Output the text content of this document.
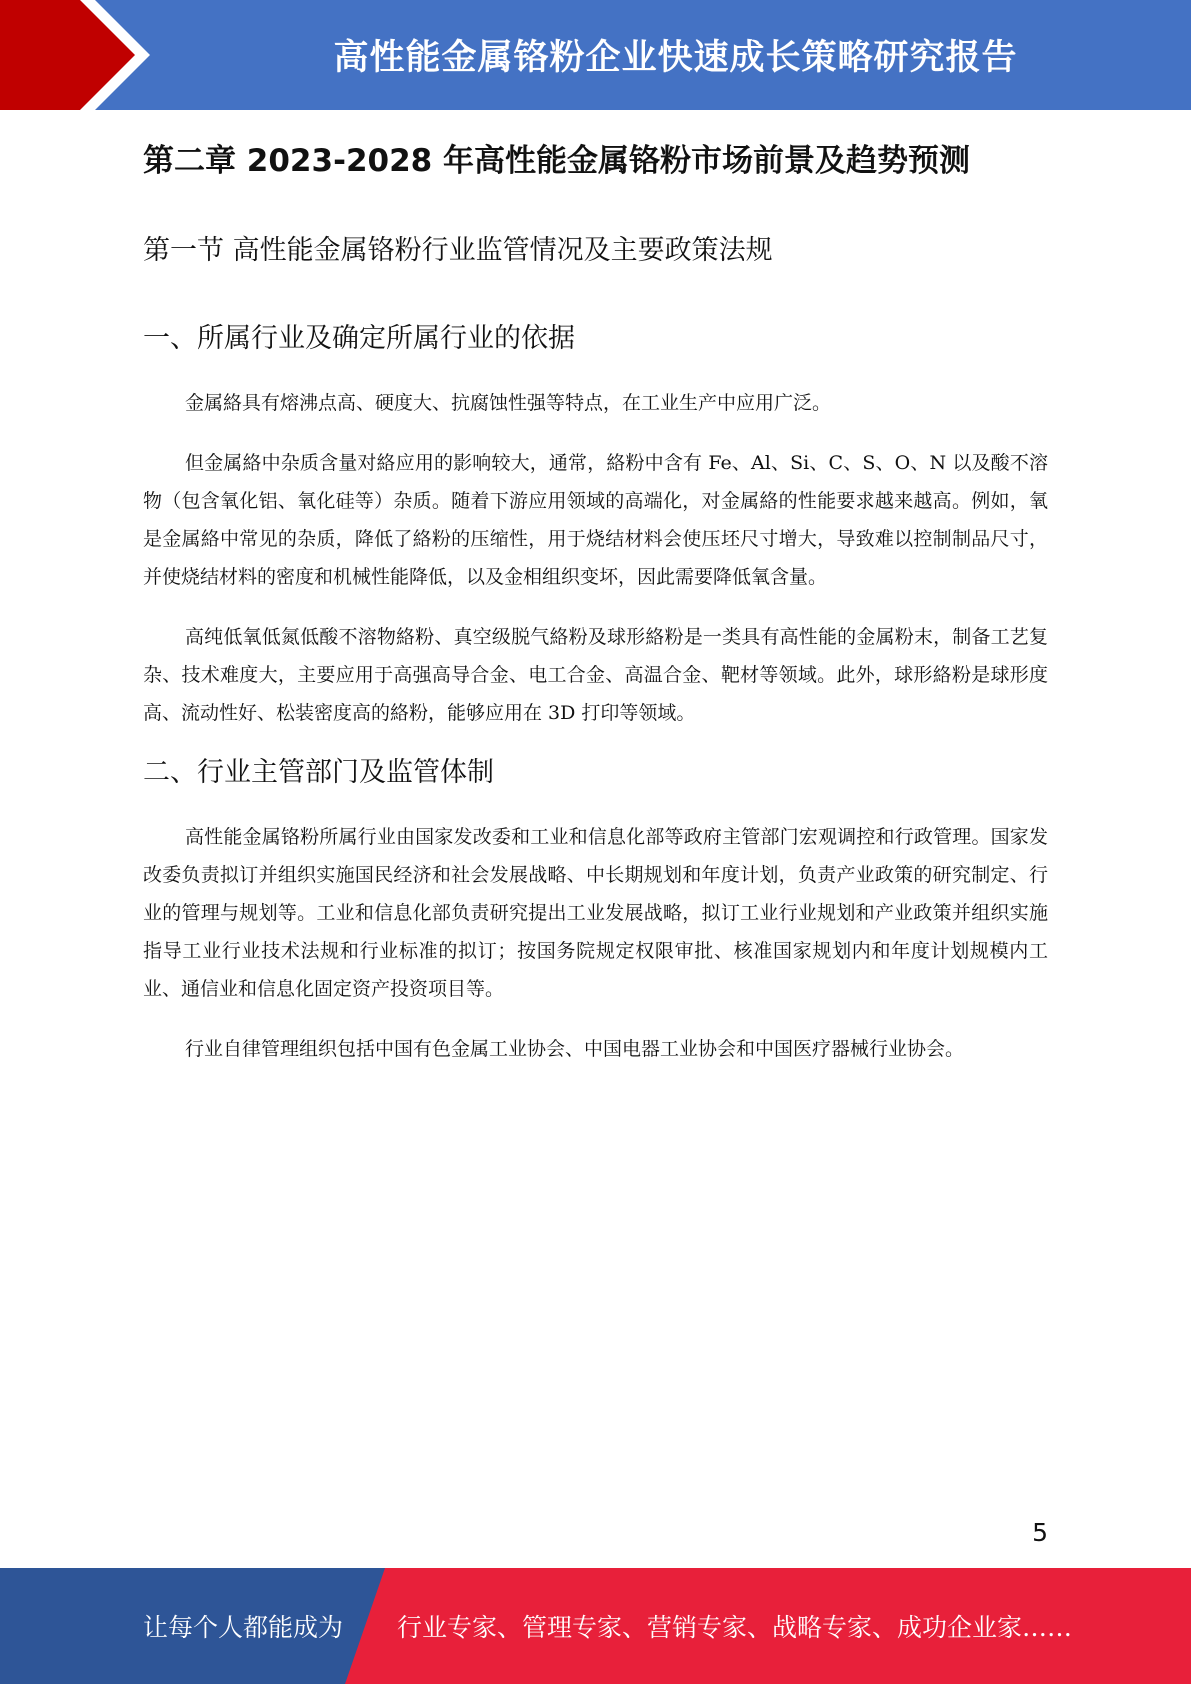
高性能金属铬粉企业快速成长策略研究报告
第二章 2023-2028 年高性能金属铬粉市场前景及趋势预测
第一节 高性能金属铬粉行业监管情况及主要政策法规
一、所属行业及确定所属行业的依据

金属絡具有熔沸点高、硬度大、抗腐蚀性强等特点，在工业生产中应用广泛。

但金属絡中杂质含量对絡应用的影响较大，通常，絡粉中含有 Fe、Al、Si、C、S、O、N 以及酸不溶物（包含氧化铝、氧化硅等）杂质。随着下游应用领域的高端化，对金属絡的性能要求越来越高。例如，氧是金属絡中常见的杂质，降低了絡粉的压缩性，用于烧结材料会使压坯尺寸增大，导致难以控制制品尺寸，并使烧结材料的密度和机械性能降低，以及金相组织变坏，因此需要降低氧含量。

高纯低氧低氮低酸不溶物絡粉、真空级脱气絡粉及球形絡粉是一类具有高性能的金属粉末，制备工艺复杂、技术难度大，主要应用于高强高导合金、电工合金、高温合金、靶材等领域。此外，球形絡粉是球形度高、流动性好、松装密度高的絡粉，能够应用在 3D 打印等领域。

二、行业主管部门及监管体制

高性能金属铬粉所属行业由国家发改委和工业和信息化部等政府主管部门宏观调控和行政管理。国家发改委负责拟订并组织实施国民经济和社会发展战略、中长期规划和年度计划，负责产业政策的研究制定、行业的管理与规划等。工业和信息化部负责研究提出工业发展战略，拟订工业行业规划和产业政策并组织实施指导工业行业技术法规和行业标准的拟订；按国务院规定权限审批、核准国家规划内和年度计划规模内工业、通信业和信息化固定资产投资项目等。

行业自律管理组织包括中国有色金属工业协会、中国电器工业协会和中国医疗器械行业协会。

5
让每个人都能成为 行业专家、管理专家、营销专家、战略专家、成功企业家……
